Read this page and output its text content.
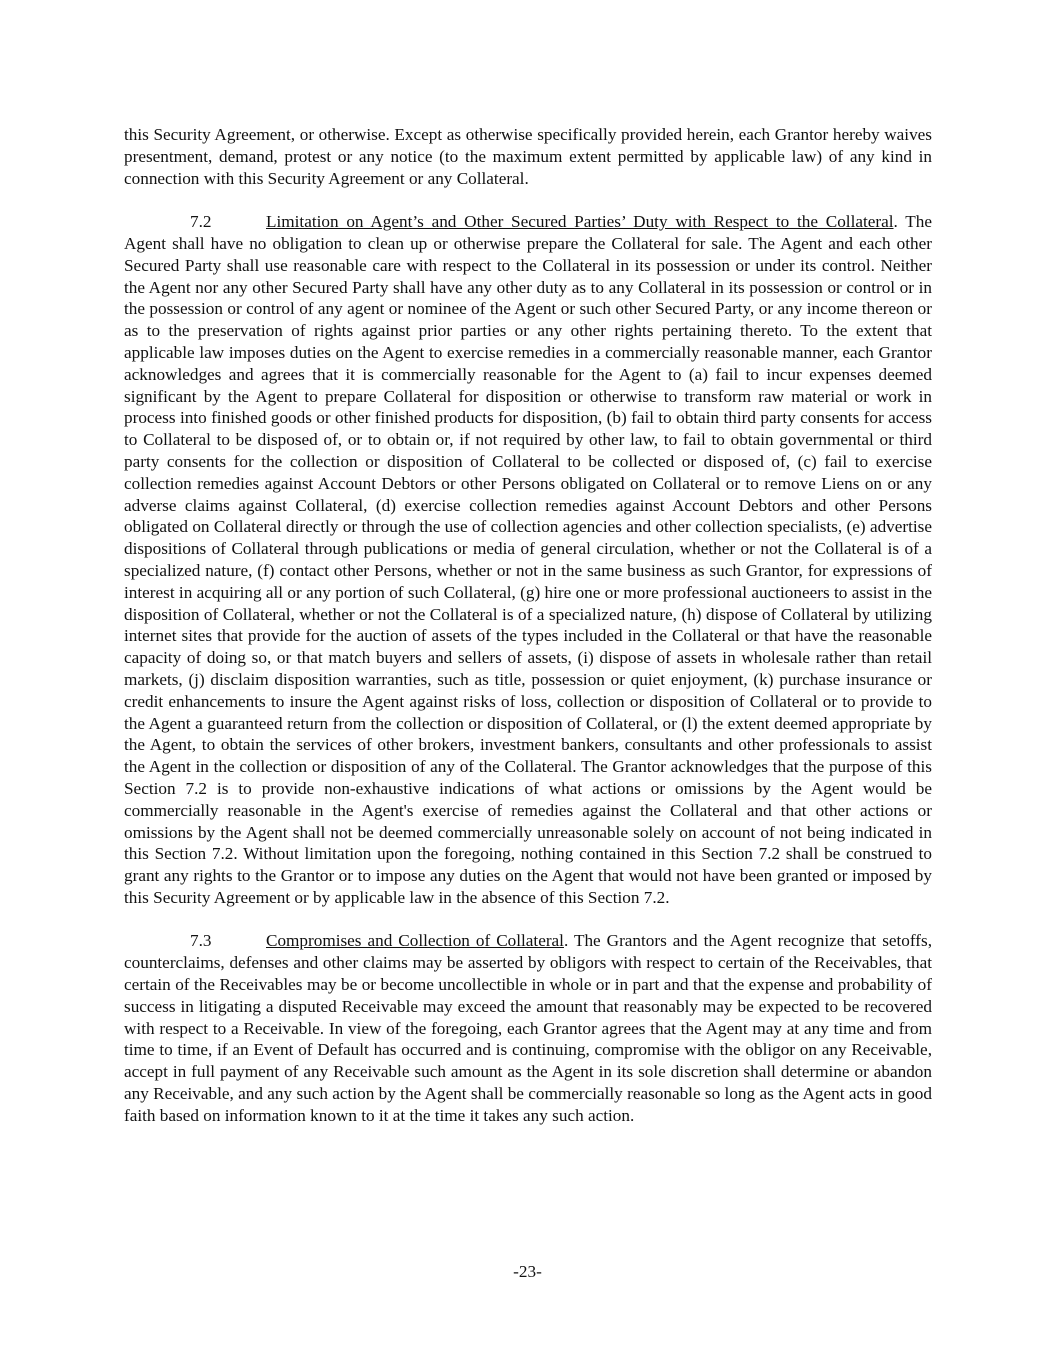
this Security Agreement, or otherwise. Except as otherwise specifically provided herein, each Grantor hereby waives presentment, demand, protest or any notice (to the maximum extent permitted by applicable law) of any kind in connection with this Security Agreement or any Collateral.

7.2	Limitation on Agent’s and Other Secured Parties’ Duty with Respect to the Collateral. The Agent shall have no obligation to clean up or otherwise prepare the Collateral for sale. The Agent and each other Secured Party shall use reasonable care with respect to the Collateral in its possession or under its control. Neither the Agent nor any other Secured Party shall have any other duty as to any Collateral in its possession or control or in the possession or control of any agent or nominee of the Agent or such other Secured Party, or any income thereon or as to the preservation of rights against prior parties or any other rights pertaining thereto. To the extent that applicable law imposes duties on the Agent to exercise remedies in a commercially reasonable manner, each Grantor acknowledges and agrees that it is commercially reasonable for the Agent to (a) fail to incur expenses deemed significant by the Agent to prepare Collateral for disposition or otherwise to transform raw material or work in process into finished goods or other finished products for disposition, (b) fail to obtain third party consents for access to Collateral to be disposed of, or to obtain or, if not required by other law, to fail to obtain governmental or third party consents for the collection or disposition of Collateral to be collected or disposed of, (c) fail to exercise collection remedies against Account Debtors or other Persons obligated on Collateral or to remove Liens on or any adverse claims against Collateral, (d) exercise collection remedies against Account Debtors and other Persons obligated on Collateral directly or through the use of collection agencies and other collection specialists, (e) advertise dispositions of Collateral through publications or media of general circulation, whether or not the Collateral is of a specialized nature, (f) contact other Persons, whether or not in the same business as such Grantor, for expressions of interest in acquiring all or any portion of such Collateral, (g) hire one or more professional auctioneers to assist in the disposition of Collateral, whether or not the Collateral is of a specialized nature, (h) dispose of Collateral by utilizing internet sites that provide for the auction of assets of the types included in the Collateral or that have the reasonable capacity of doing so, or that match buyers and sellers of assets, (i) dispose of assets in wholesale rather than retail markets, (j) disclaim disposition warranties, such as title, possession or quiet enjoyment, (k) purchase insurance or credit enhancements to insure the Agent against risks of loss, collection or disposition of Collateral or to provide to the Agent a guaranteed return from the collection or disposition of Collateral, or (l) the extent deemed appropriate by the Agent, to obtain the services of other brokers, investment bankers, consultants and other professionals to assist the Agent in the collection or disposition of any of the Collateral. The Grantor acknowledges that the purpose of this Section 7.2 is to provide non-exhaustive indications of what actions or omissions by the Agent would be commercially reasonable in the Agent's exercise of remedies against the Collateral and that other actions or omissions by the Agent shall not be deemed commercially unreasonable solely on account of not being indicated in this Section 7.2. Without limitation upon the foregoing, nothing contained in this Section 7.2 shall be construed to grant any rights to the Grantor or to impose any duties on the Agent that would not have been granted or imposed by this Security Agreement or by applicable law in the absence of this Section 7.2.

7.3	Compromises and Collection of Collateral. The Grantors and the Agent recognize that setoffs, counterclaims, defenses and other claims may be asserted by obligors with respect to certain of the Receivables, that certain of the Receivables may be or become uncollectible in whole or in part and that the expense and probability of success in litigating a disputed Receivable may exceed the amount that reasonably may be expected to be recovered with respect to a Receivable. In view of the foregoing, each Grantor agrees that the Agent may at any time and from time to time, if an Event of Default has occurred and is continuing, compromise with the obligor on any Receivable, accept in full payment of any Receivable such amount as the Agent in its sole discretion shall determine or abandon any Receivable, and any such action by the Agent shall be commercially reasonable so long as the Agent acts in good faith based on information known to it at the time it takes any such action.

-23-
